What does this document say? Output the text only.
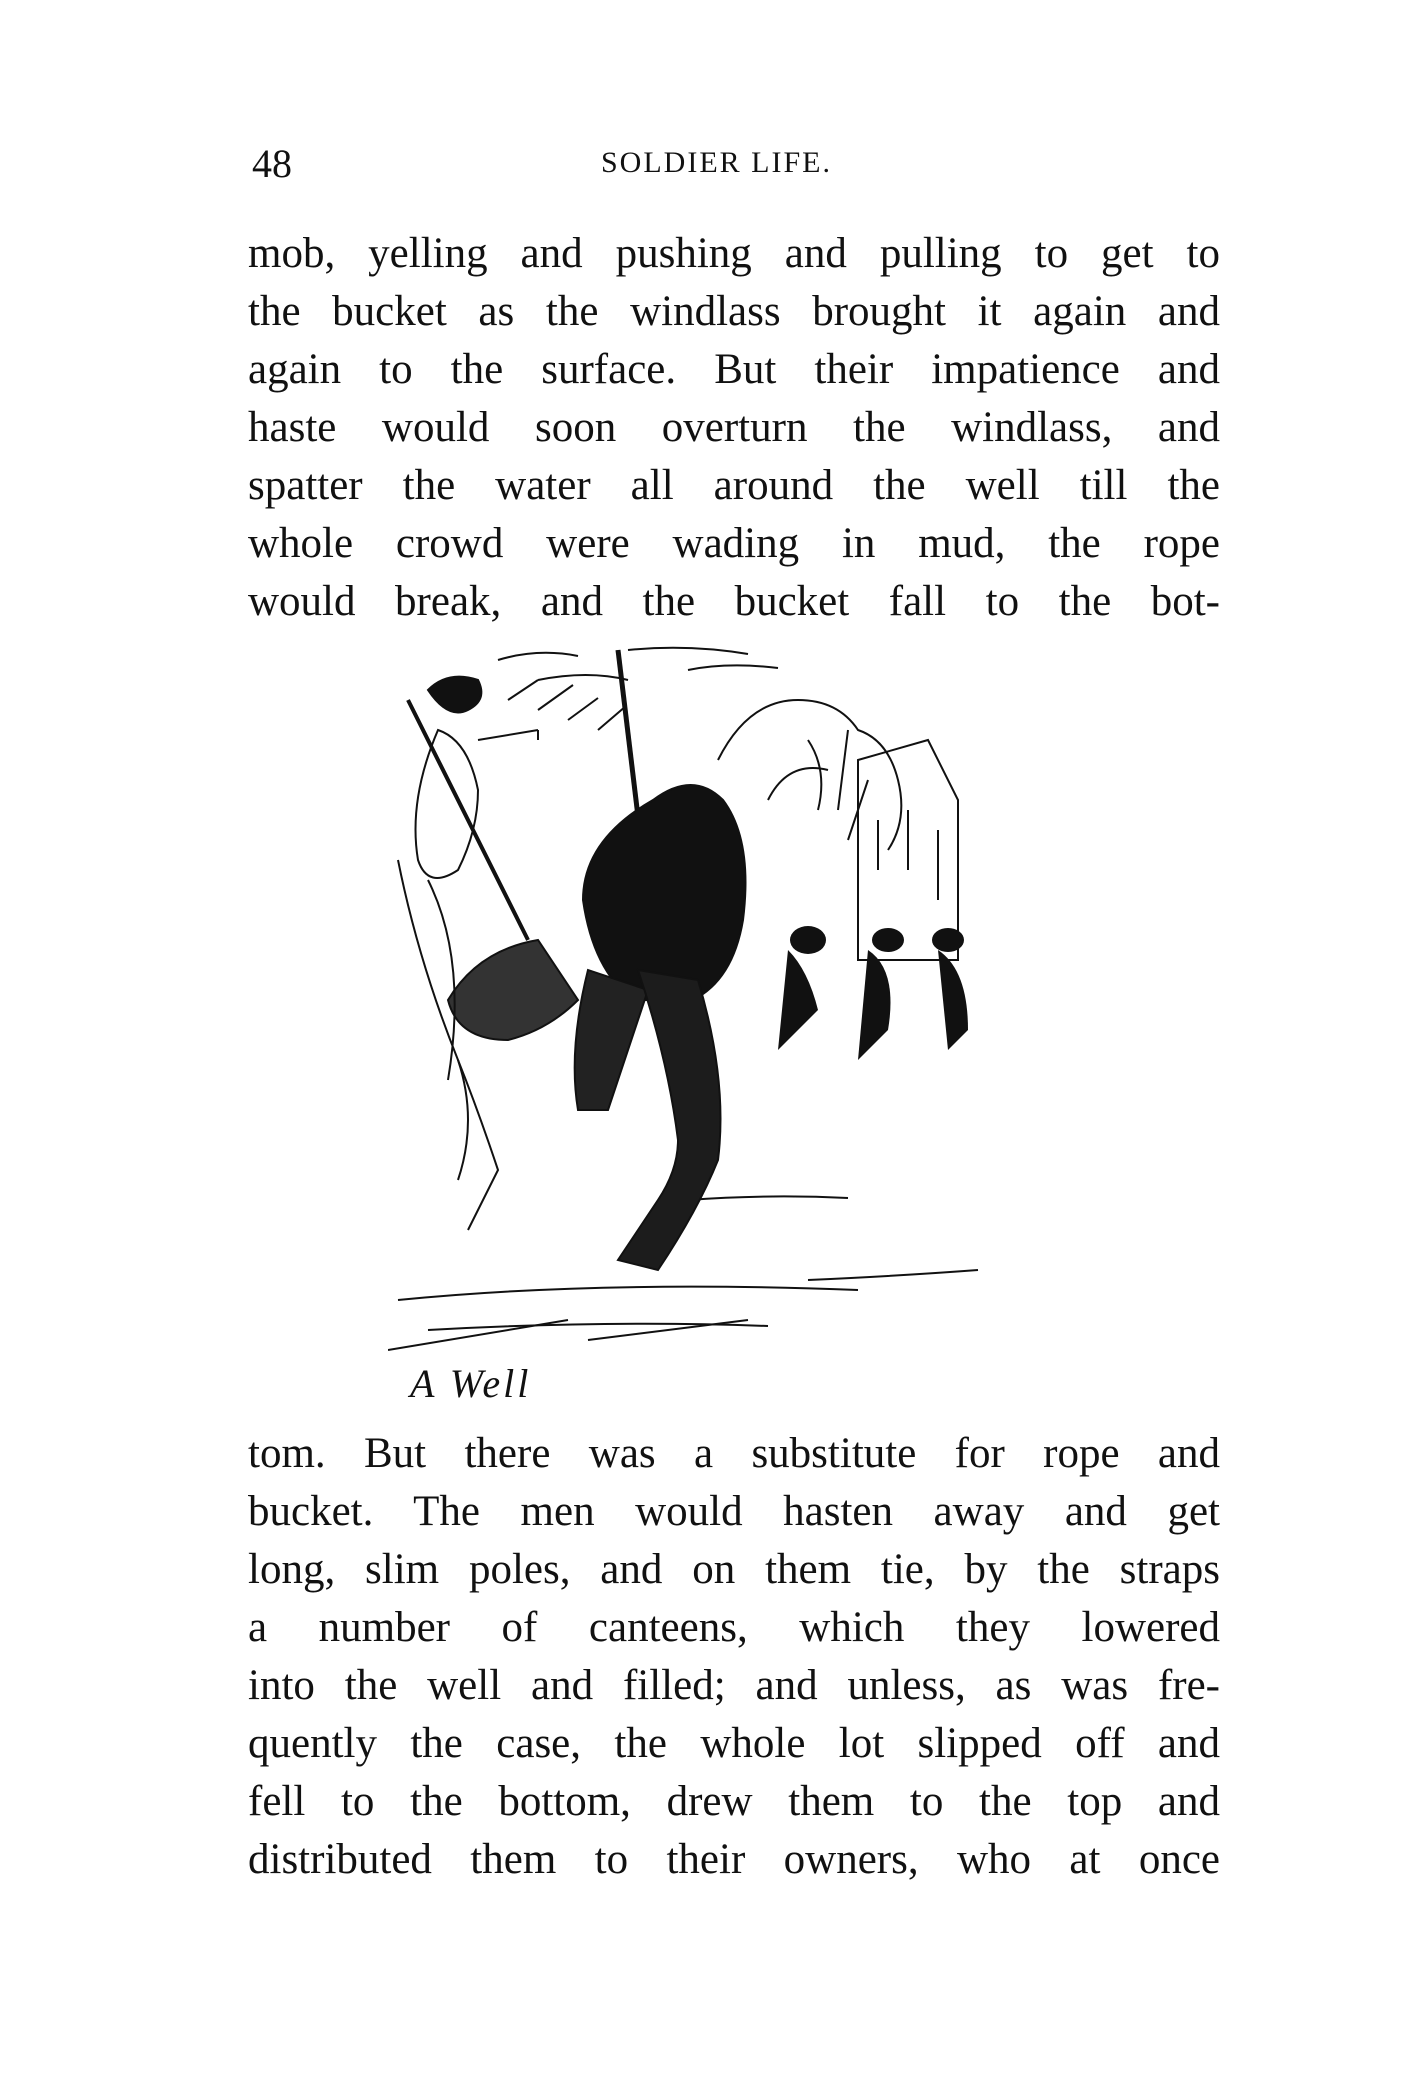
48	SOLDIER LIFE.
mob, yelling and pushing and pulling to get to
the bucket as the windlass brought it again and
again to the surface. But their impatience and
haste would soon overturn the windlass, and
spatter the water all around the well till the
whole crowd were wading in mud, the rope
would break, and the bucket fall to the bot-
A Well
tom. But there was a substitute for rope and
bucket. The men would hasten away and get
long, slim poles, and on them tie, by the straps
a number of canteens, which they lowered
into the well and filled; and unless, as was fre-
quently the case, the whole lot slipped off and
fell to the bottom, drew them to the top and
distributed them to their owners, who at once
